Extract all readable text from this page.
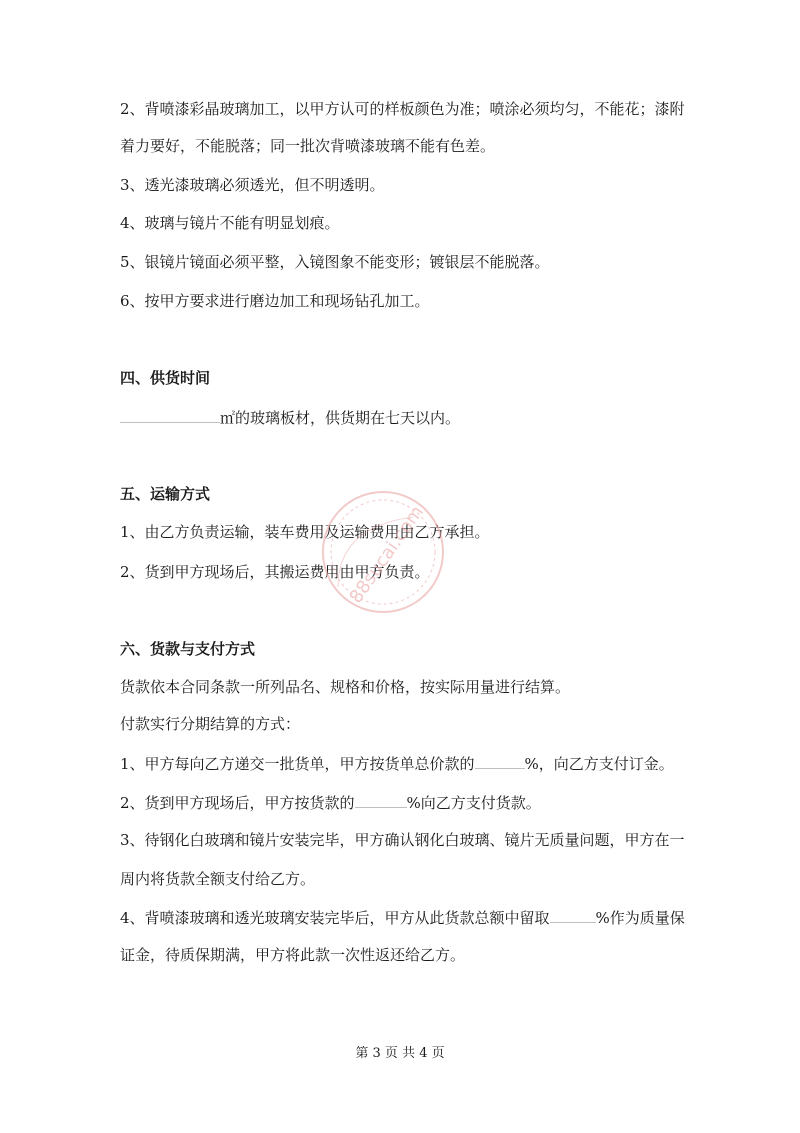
2、背喷漆彩晶玻璃加工，以甲方认可的样板颜色为准；喷涂必须均匀，不能花；漆附
着力要好，不能脱落；同一批次背喷漆玻璃不能有色差。
3、透光漆玻璃必须透光，但不明透明。
4、玻璃与镜片不能有明显划痕。
5、银镜片镜面必须平整，入镜图象不能变形；镀银层不能脱落。
6、按甲方要求进行磨边加工和现场钻孔加工。
四、供货时间
㎡的玻璃板材，供货期在七天以内。
五、运输方式
1、由乙方负责运输，装车费用及运输费用由乙方承担。
2、货到甲方现场后，其搬运费用由甲方负责。
六、货款与支付方式
货款依本合同条款一所列品名、规格和价格，按实际用量进行结算。
付款实行分期结算的方式：
1、甲方每向乙方递交一批货单，甲方按货单总价款的	%，向乙方支付订金。
2、货到甲方现场后，甲方按货款的	%向乙方支付货款。
3、待钢化白玻璃和镜片安装完毕，甲方确认钢化白玻璃、镜片无质量问题，甲方在一
周内将货款全额支付给乙方。
4、背喷漆玻璃和透光玻璃安装完毕后，甲方从此货款总额中留取	%作为质量保
证金，待质保期满，甲方将此款一次性返还给乙方。
第 3 页 共 4 页
88sucai.com
